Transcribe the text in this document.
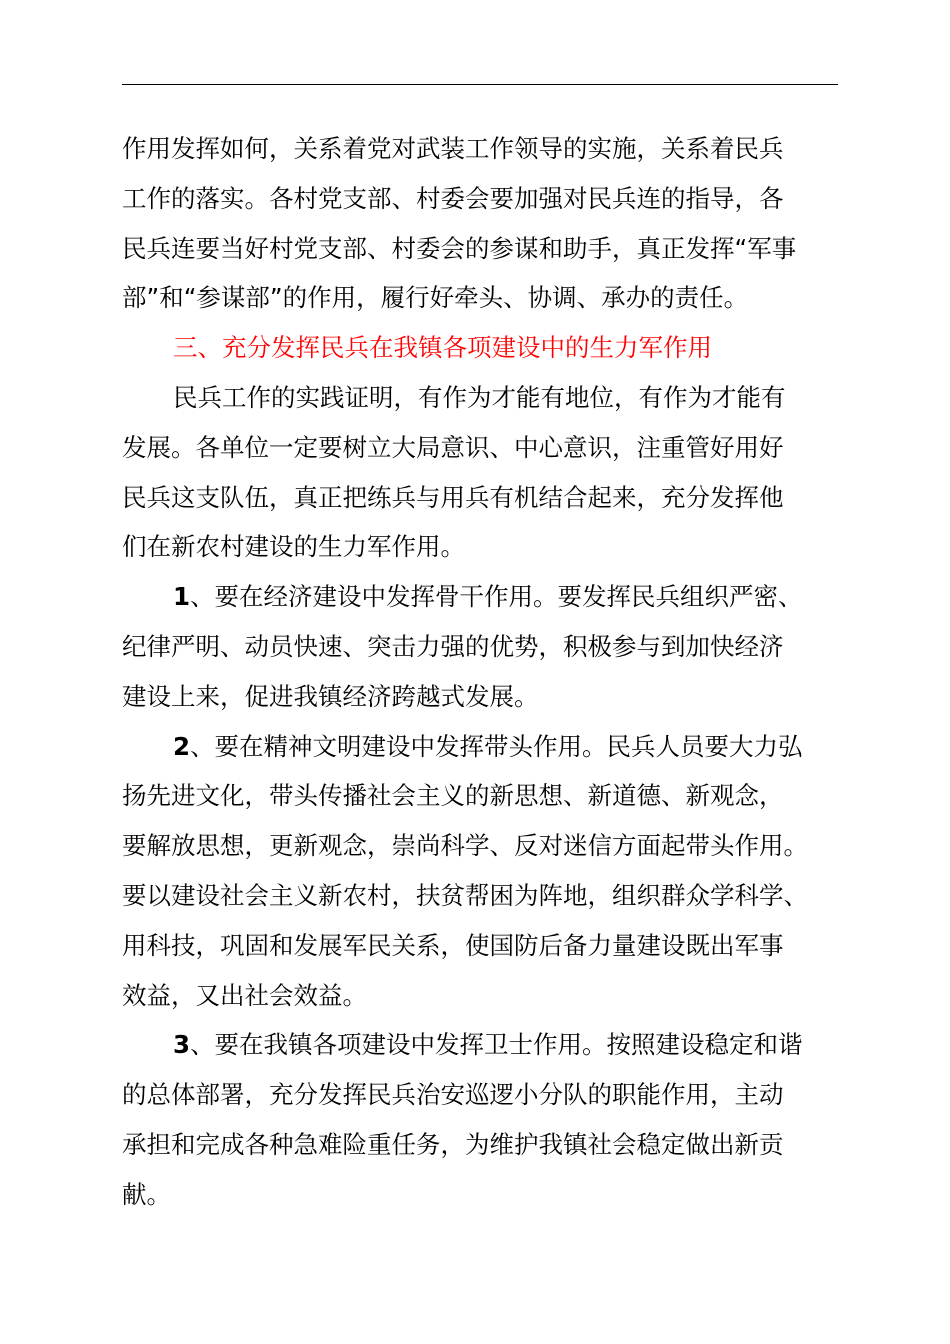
作用发挥如何，关系着党对武装工作领导的实施，关系着民兵
工作的落实。各村党支部、村委会要加强对民兵连的指导，各
民兵连要当好村党支部、村委会的参谋和助手，真正发挥“军事
部”和“参谋部”的作用，履行好牵头、协调、承办的责任。
三、充分发挥民兵在我镇各项建设中的生力军作用
民兵工作的实践证明，有作为才能有地位，有作为才能有
发展。各单位一定要树立大局意识、中心意识，注重管好用好
民兵这支队伍，真正把练兵与用兵有机结合起来，充分发挥他
们在新农村建设的生力军作用。
1、要在经济建设中发挥骨干作用。要发挥民兵组织严密、
纪律严明、动员快速、突击力强的优势，积极参与到加快经济
建设上来，促进我镇经济跨越式发展。
2、要在精神文明建设中发挥带头作用。民兵人员要大力弘
扬先进文化，带头传播社会主义的新思想、新道德、新观念，
要解放思想，更新观念，崇尚科学、反对迷信方面起带头作用。
要以建设社会主义新农村，扶贫帮困为阵地，组织群众学科学、
用科技，巩固和发展军民关系，使国防后备力量建设既出军事
效益，又出社会效益。
3、要在我镇各项建设中发挥卫士作用。按照建设稳定和谐
的总体部署，充分发挥民兵治安巡逻小分队的职能作用，主动
承担和完成各种急难险重任务，为维护我镇社会稳定做出新贡
献。
